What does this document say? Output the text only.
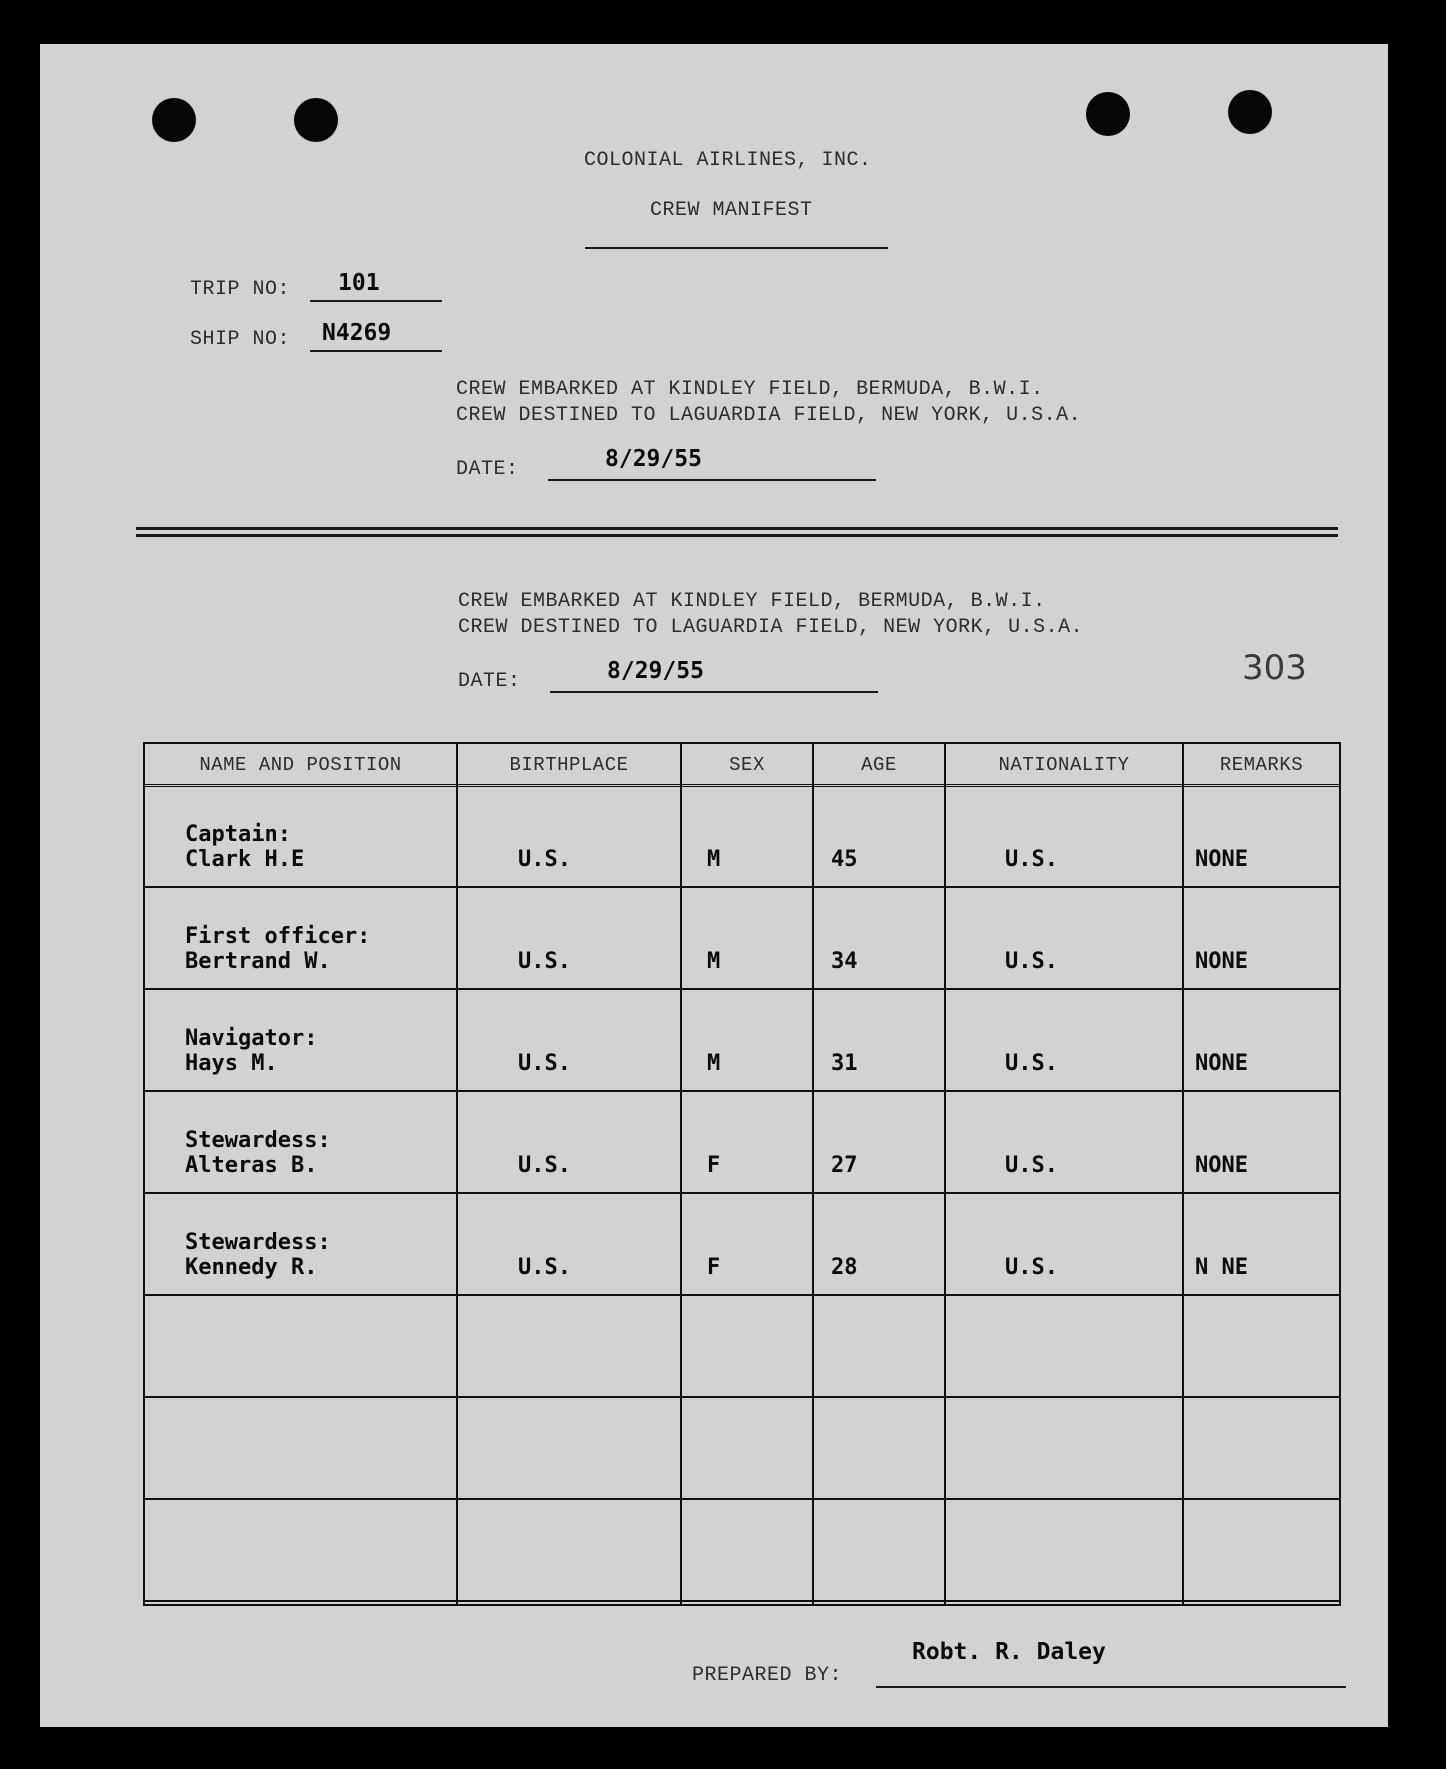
COLONIAL AIRLINES, INC.
CREW MANIFEST
TRIP NO: 101
SHIP NO: N4269
CREW EMBARKED AT KINDLEY FIELD, BERMUDA, B.W.I.
CREW DESTINED TO LAGUARDIA FIELD, NEW YORK, U.S.A.
DATE:	8/29/55
CREW EMBARKED AT KINDLEY FIELD, BERMUDA, B.W.I.
CREW DESTINED TO LAGUARDIA FIELD, NEW YORK, U.S.A.
DATE:	8/29/55	303
NAME AND POSITION	BIRTHPLACE	SEX	AGE	NATIONALITY	REMARKS
Captain:
Clark H.E	U.S.	M	45	U.S.	NONE
First officer:
Bertrand W.	U.S.	M	34	U.S.	NONE
Navigator:
Hays M.	U.S.	M	31	U.S.	NONE
Stewardess:
Alteras B.	U.S.	F	27	U.S.	NONE
Stewardess:
Kennedy R.	U.S.	F	28	U.S.	N NE
PREPARED BY:
Robt. R. Daley
